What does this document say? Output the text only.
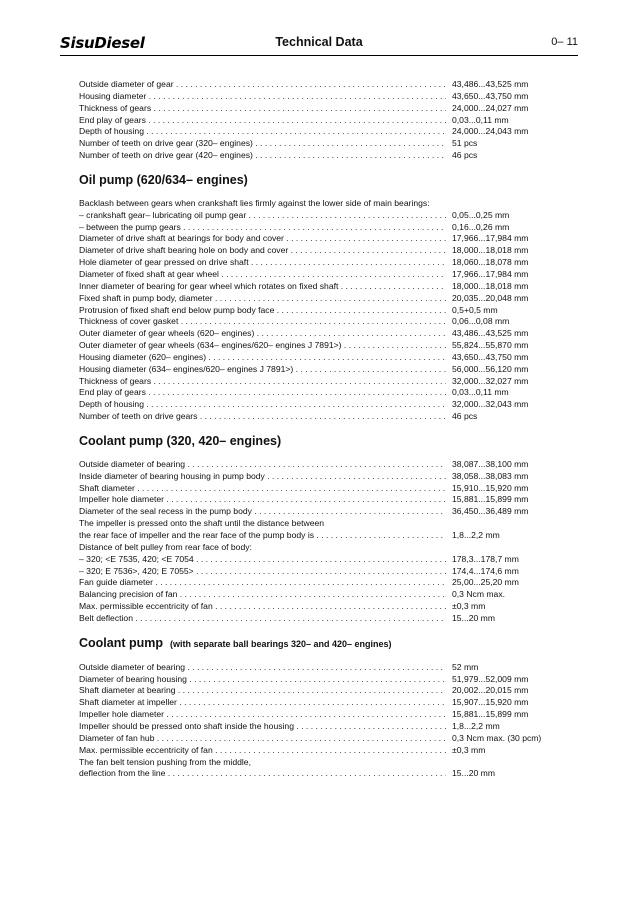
SisuDiesel	Technical Data	0– 11
Outside diameter of gear . . .	43,486...43,525 mm
Housing diameter . . .	43,650...43,750 mm
Thickness of gears . . .	24,000...24,027 mm
End play of gears . . .	0,03...0,11 mm
Depth of housing . . .	24,000...24,043 mm
Number of teeth on drive gear (320– engines) . . .	51 pcs
Number of teeth on drive gear (420– engines) . . .	46 pcs
Oil pump (620/634– engines)
Backlash between gears when crankshaft lies firmly against the lower side of main bearings:
– crankshaft gear– lubricating oil pump gear . . .	0,05...0,25 mm
– between the pump gears . . .	0,16...0,26 mm
Diameter of drive shaft at bearings for body and cover . . .	17,966...17,984 mm
Diameter of drive shaft bearing hole on body and cover . . .	18,000...18,018 mm
Hole diameter of gear pressed on drive shaft . . .	18,060...18,078 mm
Diameter of fixed shaft at gear wheel . . .	17,966...17,984 mm
Inner diameter of bearing for gear wheel which rotates on fixed shaft . . .	18,000...18,018 mm
Fixed shaft in pump body, diameter . . .	20,035...20,048 mm
Protrusion of fixed shaft end below pump body face . . .	0,5+0,5 mm
Thickness of cover gasket . . .	0,06...0,08 mm
Outer diameter of gear wheels (620– engines) . . .	43,486...43,525 mm
Outer diameter of gear wheels (634– engines/620– engines J 7891>) . . .	55,824...55,870 mm
Housing diameter (620– engines) . . .	43,650...43,750 mm
Housing diameter (634– engines/620– engines J 7891>) . . .	56,000...56,120 mm
Thickness of gears . . .	32,000...32,027 mm
End play of gears . . .	0,03...0,11 mm
Depth of housing . . .	32,000...32,043 mm
Number of teeth on drive gears . . .	46 pcs
Coolant pump (320, 420– engines)
Outside diameter of bearing . . .	38,087...38,100 mm
Inside diameter of bearing housing in pump body . . .	38,058...38,083 mm
Shaft diameter . . .	15,910...15,920 mm
Impeller hole diameter . . .	15,881...15,899 mm
Diameter of the seal recess in the pump body . . .	36,450...36,489 mm
The impeller is pressed onto the shaft until the distance between
the rear face of impeller and the rear face of the pump body is . . .	1,8...2,2 mm
Distance of belt pulley from rear face of body:
– 320; <E 7535, 420; <E 7054 . . .	178,3...178,7 mm
– 320; E 7536>, 420; E 7055> . . .	174,4...174,6 mm
Fan guide diameter . . .	25,00...25,20 mm
Balancing precision of fan . . .	0,3 Ncm max.
Max. permissible eccentricity of fan . . .	±0,3 mm
Belt deflection . . .	15...20 mm
Coolant pump (with separate ball bearings 320– and 420– engines)
Outside diameter of bearing . . .	52 mm
Diameter of bearing housing . . .	51,979...52,009 mm
Shaft diameter at bearing . . .	20,002...20,015 mm
Shaft diameter at impeller . . .	15,907...15,920 mm
Impeller hole diameter . . .	15,881...15,899 mm
Impeller should be pressed onto shaft inside the housing . . .	1,8...2,2 mm
Diameter of fan hub . . .	0,3 Ncm max. (30 pcm)
Max. permissible eccentricity of fan . . .	±0,3 mm
The fan belt tension pushing from the middle,
deflection from the line . . .	15...20 mm
